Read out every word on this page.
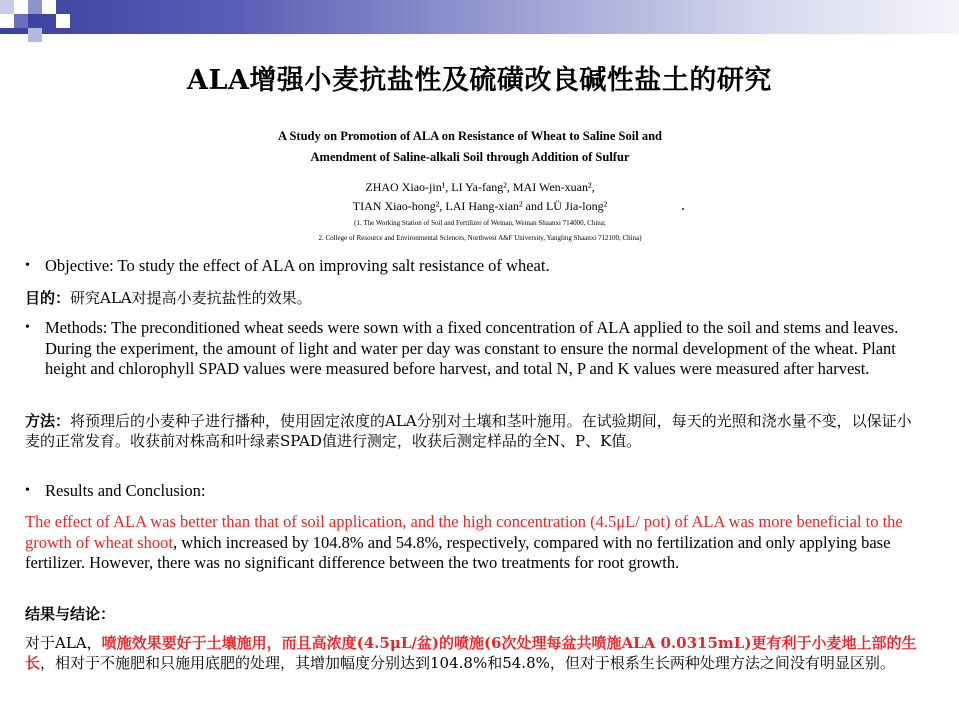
ALA增强小麦抗盐性及硫磺改良碱性盐土的研究
A Study on Promotion of ALA on Resistance of Wheat to Saline Soil and
Amendment of Saline-alkali Soil through Addition of Sulfur
ZHAO Xiao-jin¹, LI Ya-fang², MAI Wen-xuan²,
TIAN Xiao-hong², LAI Hang-xian² and LÜ Jia-long²
(1. The Working Station of Soil and Fertilizer of Weinan, Weinan Shaanxi 714000, China;
2. College of Resource and Environmental Sciences, Northwest A&F University, Yangling Shaanxi 712100, China)
• Objective: To study the effect of ALA on improving salt resistance of wheat.
目的：研究ALA对提高小麦抗盐性的效果。
• Methods: The preconditioned wheat seeds were sown with a fixed concentration of ALA applied to the soil and stems and leaves. During the experiment, the amount of light and water per day was constant to ensure the normal development of the wheat. Plant height and chlorophyll SPAD values were measured before harvest, and total N, P and K values were measured after harvest.
方法：将预理后的小麦种子进行播种，使用固定浓度的ALA分别对土壤和茎叶施用。在试验期间，每天的光照和浇水量不变，以保证小麦的正常发育。收获前对株高和叶绿素SPAD值进行测定，收获后测定样品的全N、P、K值。
• Results and Conclusion:
The effect of ALA was better than that of soil application, and the high concentration (4.5μL/ pot) of ALA was more beneficial to the growth of wheat shoot, which increased by 104.8% and 54.8%, respectively, compared with no fertilization and only applying base fertilizer. However, there was no significant difference between the two treatments for root growth.
结果与结论：
对于ALA，喷施效果要好于土壤施用，而且高浓度(4.5μL/盆)的喷施(6次处理每盆共喷施ALA 0.0315mL)更有利于小麦地上部的生长，相对于不施肥和只施用底肥的处理，其增加幅度分别达到104.8%和54.8%，但对于根系生长两种处理方法之间没有明显区别。
